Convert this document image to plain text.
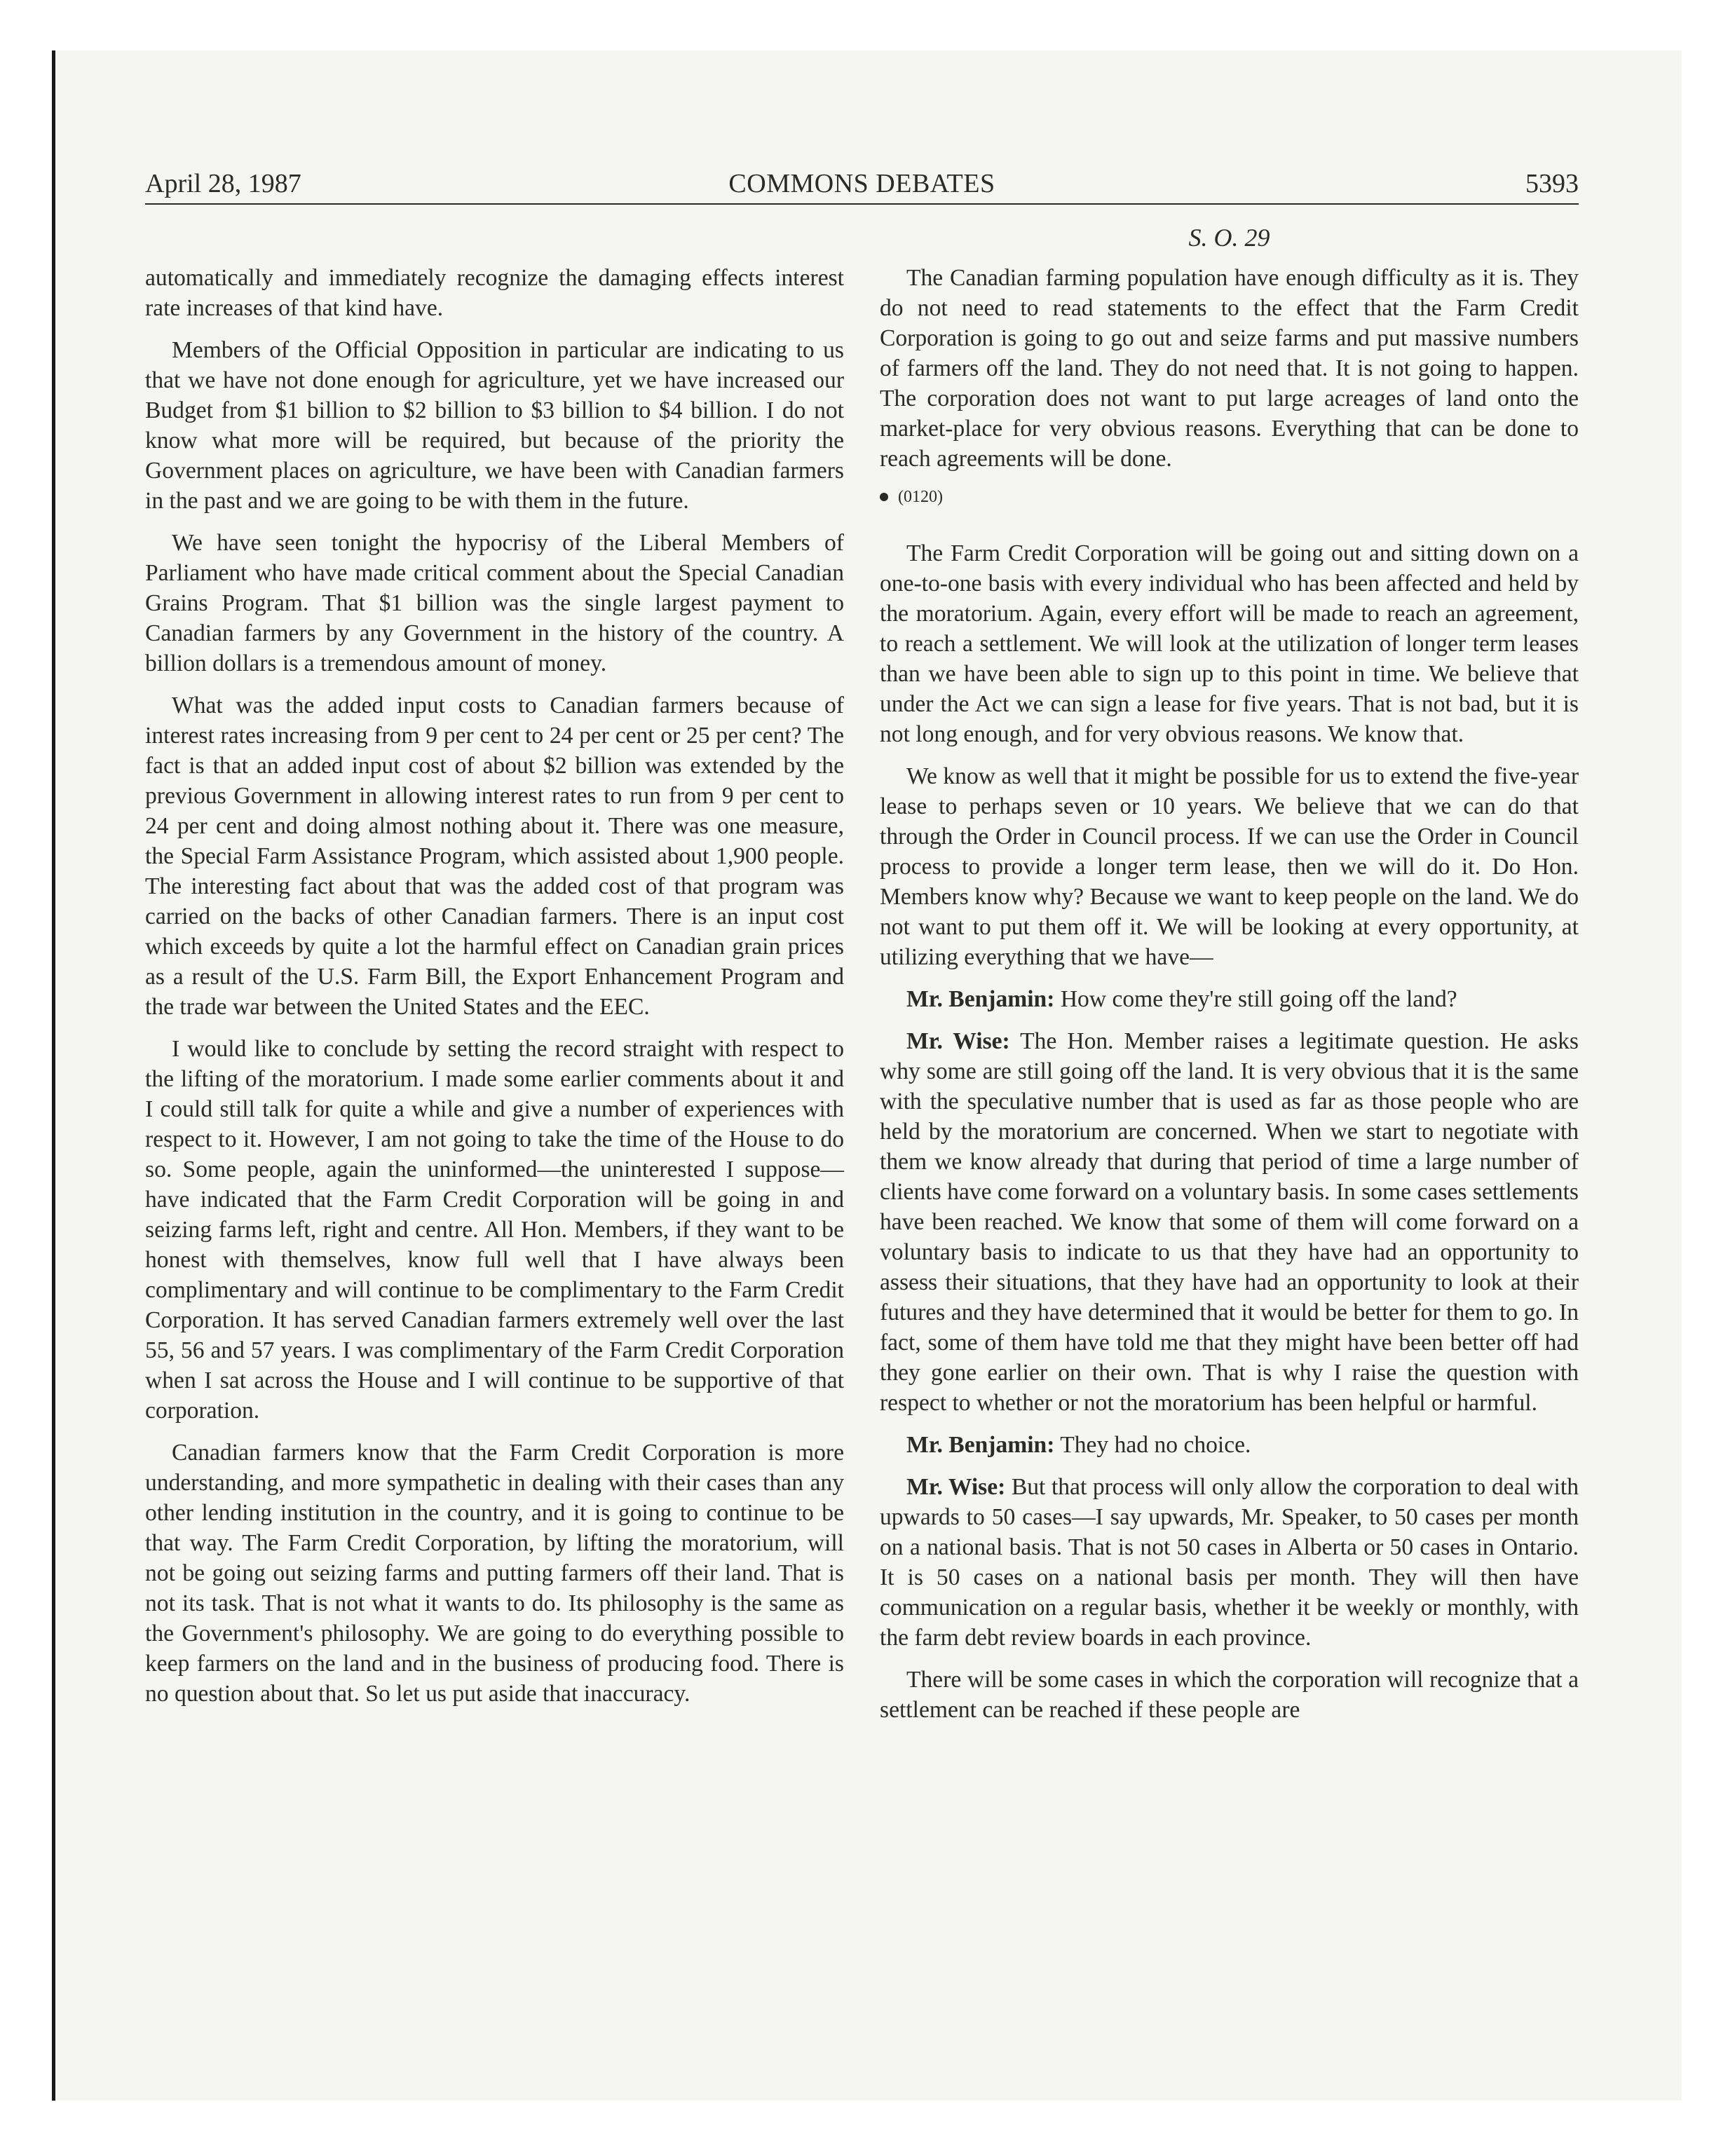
April 28, 1987	COMMONS DEBATES	5393
S. O. 29

automatically and immediately recognize the damaging effects interest rate increases of that kind have.

Members of the Official Opposition in particular are indicating to us that we have not done enough for agriculture, yet we have increased our Budget from $1 billion to $2 billion to $3 billion to $4 billion. I do not know what more will be required, but because of the priority the Government places on agriculture, we have been with Canadian farmers in the past and we are going to be with them in the future.

We have seen tonight the hypocrisy of the Liberal Members of Parliament who have made critical comment about the Special Canadian Grains Program. That $1 billion was the single largest payment to Canadian farmers by any Government in the history of the country. A billion dollars is a tremendous amount of money.

What was the added input costs to Canadian farmers because of interest rates increasing from 9 per cent to 24 per cent or 25 per cent? The fact is that an added input cost of about $2 billion was extended by the previous Government in allowing interest rates to run from 9 per cent to 24 per cent and doing almost nothing about it. There was one measure, the Special Farm Assistance Program, which assisted about 1,900 people. The interesting fact about that was the added cost of that program was carried on the backs of other Canadian farmers. There is an input cost which exceeds by quite a lot the harmful effect on Canadian grain prices as a result of the U.S. Farm Bill, the Export Enhancement Program and the trade war between the United States and the EEC.

I would like to conclude by setting the record straight with respect to the lifting of the moratorium. I made some earlier comments about it and I could still talk for quite a while and give a number of experiences with respect to it. However, I am not going to take the time of the House to do so. Some people, again the uninformed—the uninterested I suppose—have indicated that the Farm Credit Corporation will be going in and seizing farms left, right and centre. All Hon. Members, if they want to be honest with themselves, know full well that I have always been complimentary and will continue to be complimentary to the Farm Credit Corporation. It has served Canadian farmers extremely well over the last 55, 56 and 57 years. I was complimentary of the Farm Credit Corporation when I sat across the House and I will continue to be supportive of that corporation.

Canadian farmers know that the Farm Credit Corporation is more understanding, and more sympathetic in dealing with their cases than any other lending institution in the country, and it is going to continue to be that way. The Farm Credit Corporation, by lifting the moratorium, will not be going out seizing farms and putting farmers off their land. That is not its task. That is not what it wants to do. Its philosophy is the same as the Government's philosophy. We are going to do everything possible to keep farmers on the land and in the business of producing food. There is no question about that. So let us put aside that inaccuracy.

The Canadian farming population have enough difficulty as it is. They do not need to read statements to the effect that the Farm Credit Corporation is going to go out and seize farms and put massive numbers of farmers off the land. They do not need that. It is not going to happen. The corporation does not want to put large acreages of land onto the market-place for very obvious reasons. Everything that can be done to reach agreements will be done.

(0120)

The Farm Credit Corporation will be going out and sitting down on a one-to-one basis with every individual who has been affected and held by the moratorium. Again, every effort will be made to reach an agreement, to reach a settlement. We will look at the utilization of longer term leases than we have been able to sign up to this point in time. We believe that under the Act we can sign a lease for five years. That is not bad, but it is not long enough, and for very obvious reasons. We know that.

We know as well that it might be possible for us to extend the five-year lease to perhaps seven or 10 years. We believe that we can do that through the Order in Council process. If we can use the Order in Council process to provide a longer term lease, then we will do it. Do Hon. Members know why? Because we want to keep people on the land. We do not want to put them off it. We will be looking at every opportunity, at utilizing everything that we have—

Mr. Benjamin: How come they're still going off the land?

Mr. Wise: The Hon. Member raises a legitimate question. He asks why some are still going off the land. It is very obvious that it is the same with the speculative number that is used as far as those people who are held by the moratorium are concerned. When we start to negotiate with them we know already that during that period of time a large number of clients have come forward on a voluntary basis. In some cases settlements have been reached. We know that some of them will come forward on a voluntary basis to indicate to us that they have had an opportunity to assess their situations, that they have had an opportunity to look at their futures and they have determined that it would be better for them to go. In fact, some of them have told me that they might have been better off had they gone earlier on their own. That is why I raise the question with respect to whether or not the moratorium has been helpful or harmful.

Mr. Benjamin: They had no choice.

Mr. Wise: But that process will only allow the corporation to deal with upwards to 50 cases—I say upwards, Mr. Speaker, to 50 cases per month on a national basis. That is not 50 cases in Alberta or 50 cases in Ontario. It is 50 cases on a national basis per month. They will then have communication on a regular basis, whether it be weekly or monthly, with the farm debt review boards in each province.

There will be some cases in which the corporation will recognize that a settlement can be reached if these people are
